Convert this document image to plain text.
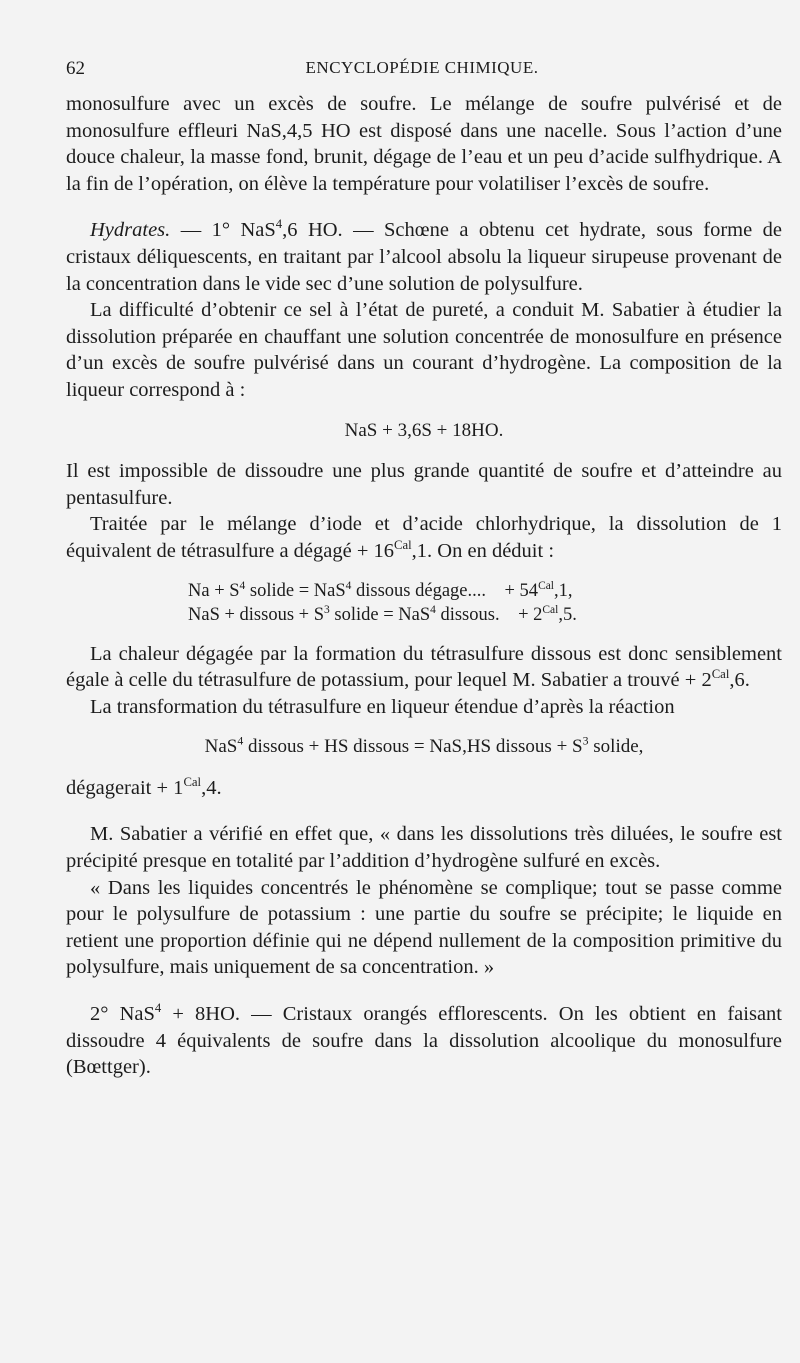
62	ENCYCLOPÉDIE CHIMIQUE.

monosulfure avec un excès de soufre. Le mélange de soufre pulvérisé et de monosulfure effleuri NaS,4,5 HO est disposé dans une nacelle. Sous l’action d’une douce chaleur, la masse fond, brunit, dégage de l’eau et un peu d’acide sulfhydrique. A la fin de l’opération, on élève la température pour volatiliser l’excès de soufre.

Hydrates. — 1° NaS$^4$,6 HO. — Schœne a obtenu cet hydrate, sous forme de cristaux déliquescents, en traitant par l’alcool absolu la liqueur sirupeuse provenant de la concentration dans le vide sec d’une solution de polysulfure.

La difficulté d’obtenir ce sel à l’état de pureté, a conduit M. Sabatier à étudier la dissolution préparée en chauffant une solution concentrée de monosulfure en présence d’un excès de soufre pulvérisé dans un courant d’hydrogène. La composition de la liqueur correspond à :

NaS + 3,6S + 18HO.

Il est impossible de dissoudre une plus grande quantité de soufre et d’atteindre au pentasulfure.

Traitée par le mélange d’iode et d’acide chlorhydrique, la dissolution de 1 équivalent de tétrasulfure a dégagé + $16^{Cal},1$. On en déduit :

$Na + S^4$ solide = NaS$^4$ dissous dégage....    + $54^{Cal},1$,
NaS + dissous + $S^3$ solide = NaS$^4$ dissous.    + $2^{Cal},5$.

La chaleur dégagée par la formation du tétrasulfure dissous est donc sensiblement égale à celle du tétrasulfure de potassium, pour lequel M. Sabatier a trouvé + $2^{Cal},6$.

La transformation du tétrasulfure en liqueur étendue d’après la réaction

NaS$^4$ dissous + HS dissous = NaS,HS dissous + $S^3$ solide,

dégagerait + $1^{Cal},4$.

M. Sabatier a vérifié en effet que, « dans les dissolutions très diluées, le soufre est précipité presque en totalité par l’addition d’hydrogène sulfuré en excès.

« Dans les liquides concentrés le phénomène se complique; tout se passe comme pour le polysulfure de potassium : une partie du soufre se précipite; le liquide en retient une proportion définie qui ne dépend nullement de la composition primitive du polysulfure, mais uniquement de sa concentration. »

2° NaS$^4$ + 8HO. — Cristaux orangés efflorescents. On les obtient en faisant dissoudre 4 équivalents de soufre dans la dissolution alcoolique du monosulfure (Bœttger).
